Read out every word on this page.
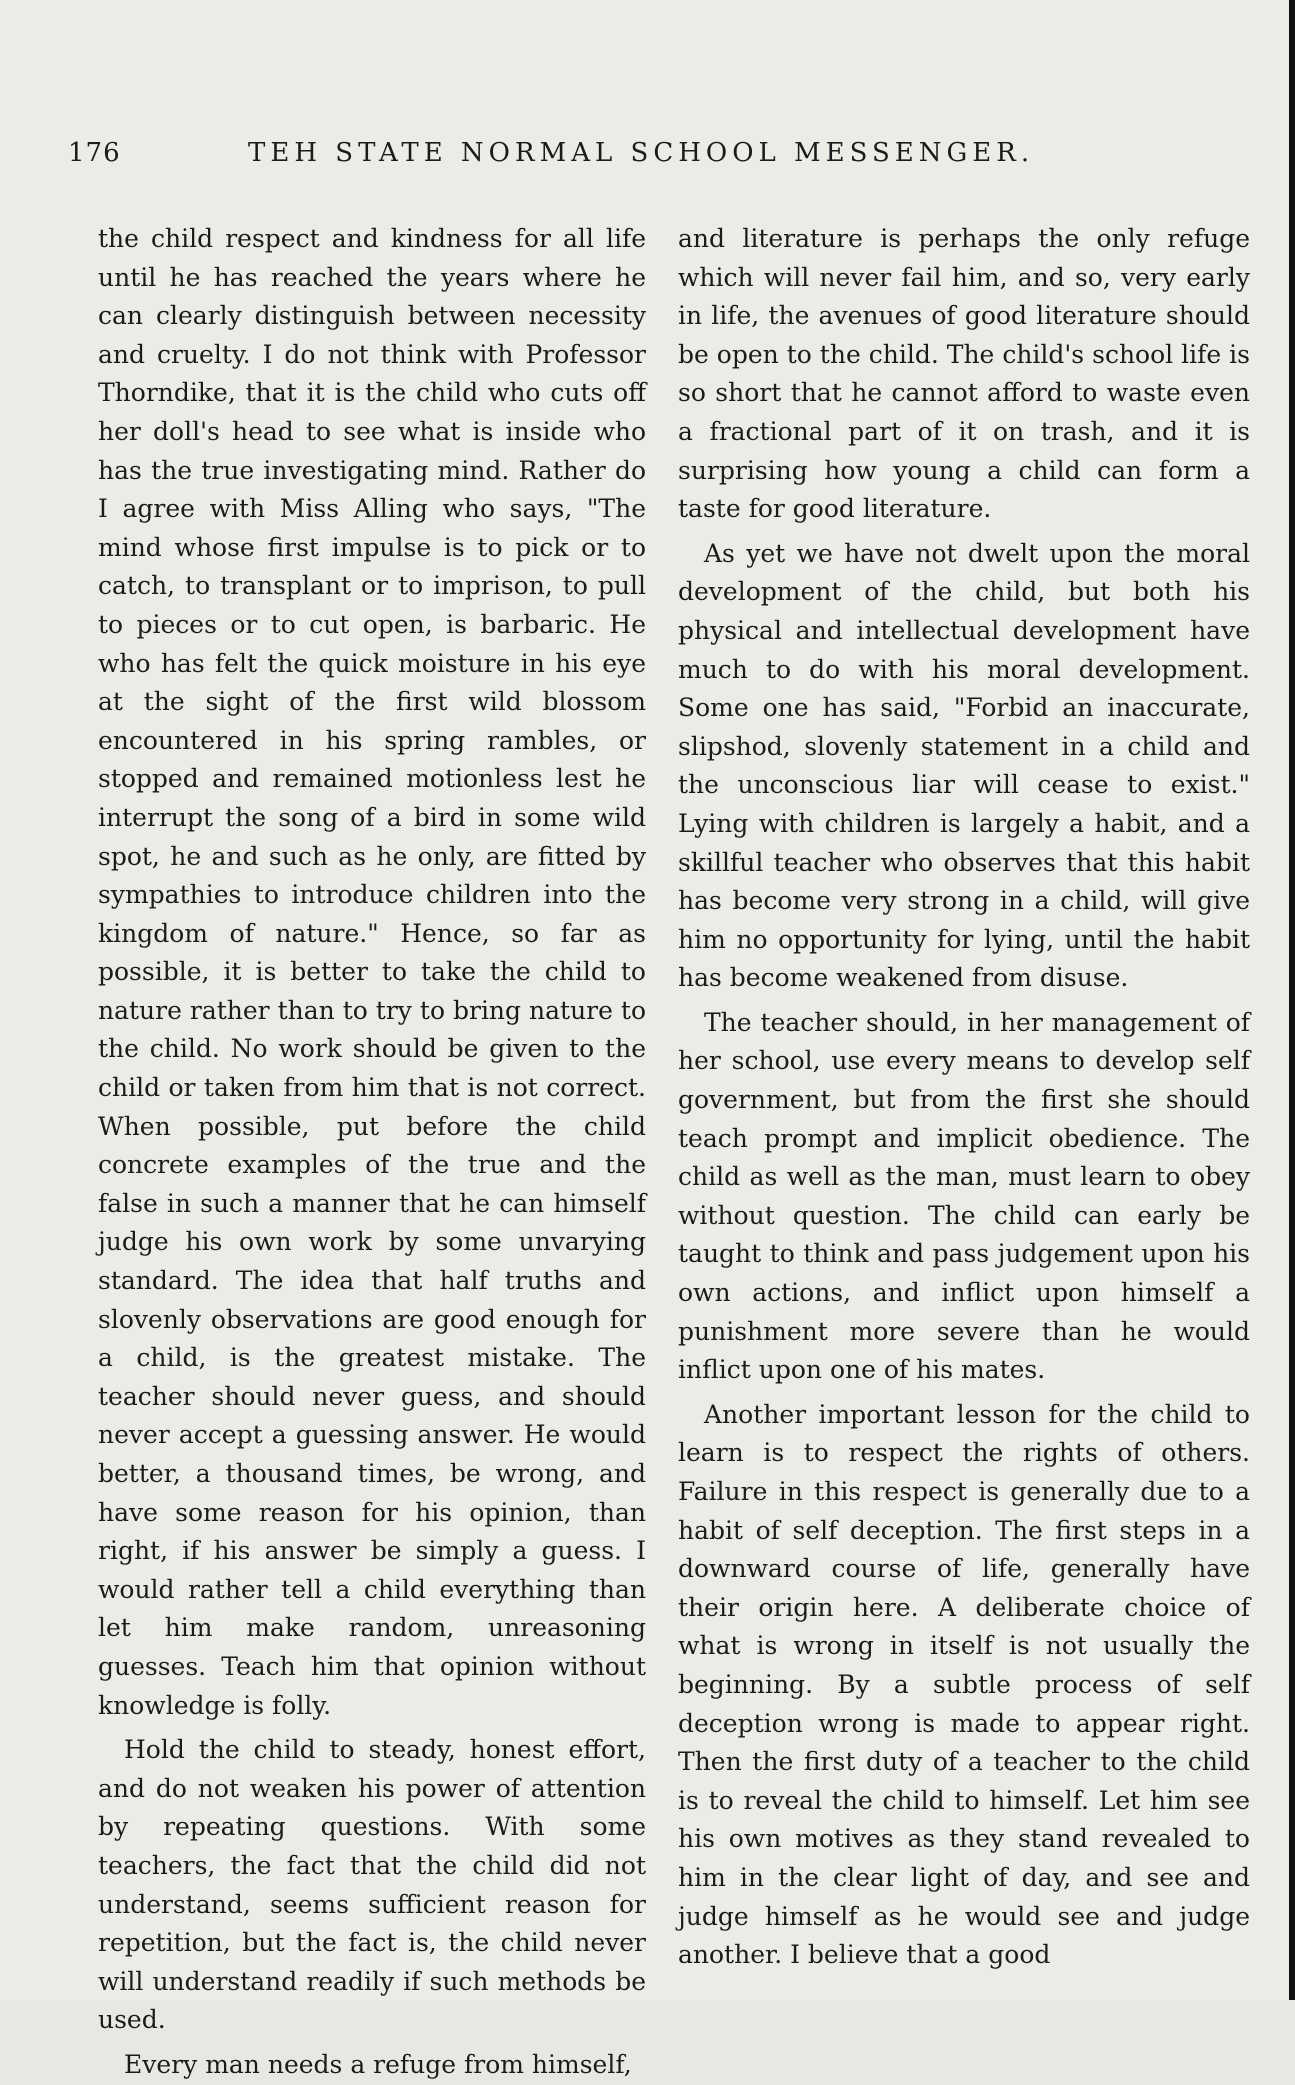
176	TEH STATE NORMAL SCHOOL MESSENGER.

the child respect and kindness for all life until he has reached the years where he can clearly distinguish between necessity and cruelty. I do not think with Professor Thorndike, that it is the child who cuts off her doll's head to see what is inside who has the true investigating mind. Rather do I agree with Miss Alling who says, "The mind whose first impulse is to pick or to catch, to transplant or to imprison, to pull to pieces or to cut open, is barbaric. He who has felt the quick moisture in his eye at the sight of the first wild blossom encountered in his spring rambles, or stopped and remained motionless lest he interrupt the song of a bird in some wild spot, he and such as he only, are fitted by sympathies to introduce children into the kingdom of nature." Hence, so far as possible, it is better to take the child to nature rather than to try to bring nature to the child. No work should be given to the child or taken from him that is not correct. When possible, put before the child concrete examples of the true and the false in such a manner that he can himself judge his own work by some unvarying standard. The idea that half truths and slovenly observations are good enough for a child, is the greatest mistake. The teacher should never guess, and should never accept a guessing answer. He would better, a thousand times, be wrong, and have some reason for his opinion, than right, if his answer be simply a guess. I would rather tell a child everything than let him make random, unreasoning guesses. Teach him that opinion without knowledge is folly.

Hold the child to steady, honest effort, and do not weaken his power of attention by repeating questions. With some teachers, the fact that the child did not understand, seems sufficient reason for repetition, but the fact is, the child never will understand readily if such methods be used.

Every man needs a refuge from himself,

and literature is perhaps the only refuge which will never fail him, and so, very early in life, the avenues of good literature should be open to the child. The child's school life is so short that he cannot afford to waste even a fractional part of it on trash, and it is surprising how young a child can form a taste for good literature.

As yet we have not dwelt upon the moral development of the child, but both his physical and intellectual development have much to do with his moral development. Some one has said, "Forbid an inaccurate, slipshod, slovenly statement in a child and the unconscious liar will cease to exist." Lying with children is largely a habit, and a skillful teacher who observes that this habit has become very strong in a child, will give him no opportunity for lying, until the habit has become weakened from disuse.

The teacher should, in her management of her school, use every means to develop self government, but from the first she should teach prompt and implicit obedience. The child as well as the man, must learn to obey without question. The child can early be taught to think and pass judgement upon his own actions, and inflict upon himself a punishment more severe than he would inflict upon one of his mates.

Another important lesson for the child to learn is to respect the rights of others. Failure in this respect is generally due to a habit of self deception. The first steps in a downward course of life, generally have their origin here. A deliberate choice of what is wrong in itself is not usually the beginning. By a subtle process of self deception wrong is made to appear right. Then the first duty of a teacher to the child is to reveal the child to himself. Let him see his own motives as they stand revealed to him in the clear light of day, and see and judge himself as he would see and judge another. I believe that a good
